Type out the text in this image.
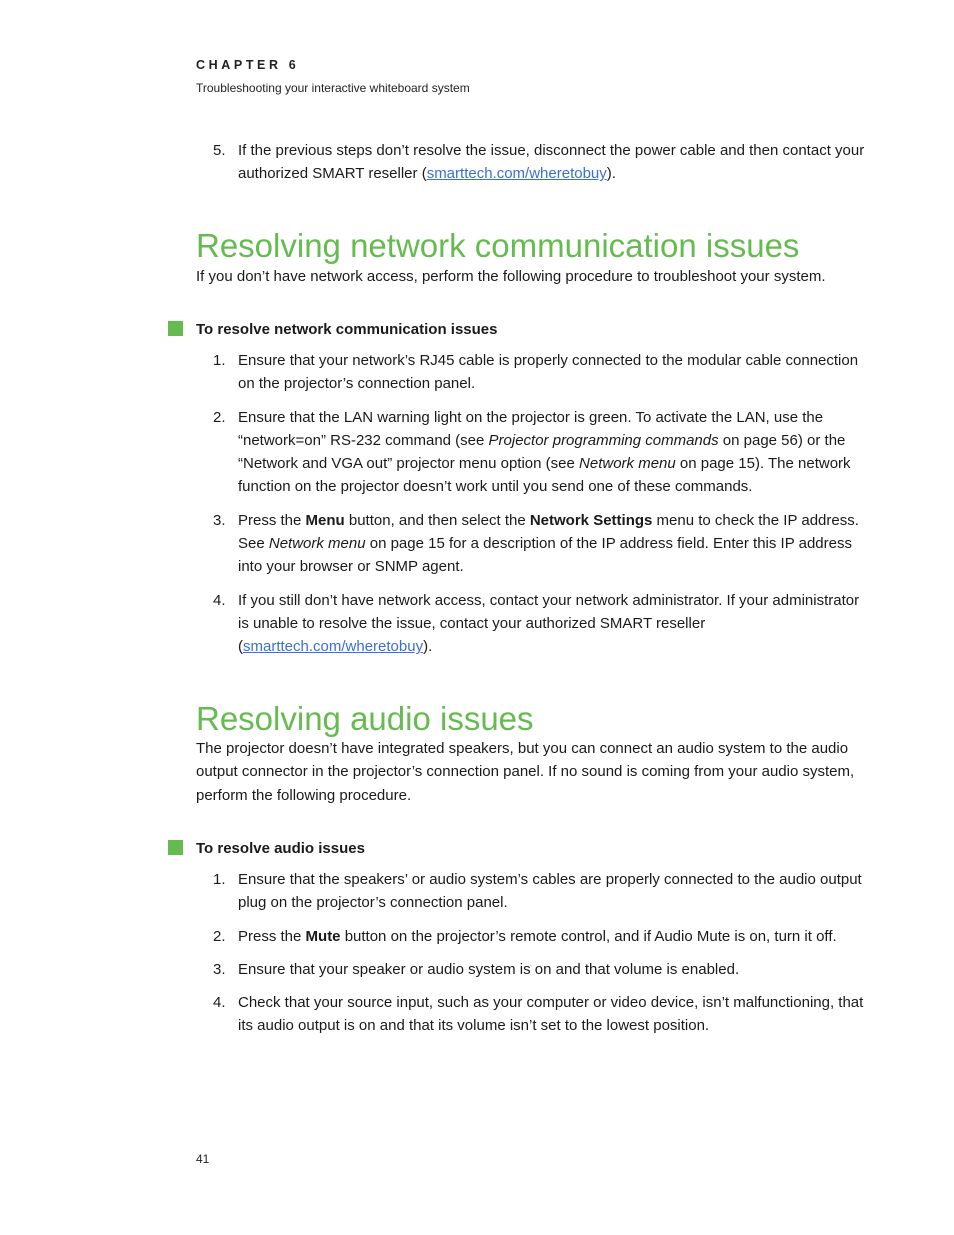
CHAPTER 6
Troubleshooting your interactive whiteboard system
5. If the previous steps don’t resolve the issue, disconnect the power cable and then contact your authorized SMART reseller (smarttech.com/wheretobuy).
Resolving network communication issues

If you don’t have network access, perform the following procedure to troubleshoot your system.

To resolve network communication issues
1. Ensure that your network’s RJ45 cable is properly connected to the modular cable connection on the projector’s connection panel.
2. Ensure that the LAN warning light on the projector is green. To activate the LAN, use the “network=on” RS-232 command (see Projector programming commands on page 56) or the “Network and VGA out” projector menu option (see Network menu on page 15). The network function on the projector doesn’t work until you send one of these commands.
3. Press the Menu button, and then select the Network Settings menu to check the IP address. See Network menu on page 15 for a description of the IP address field. Enter this IP address into your browser or SNMP agent.
4. If you still don’t have network access, contact your network administrator. If your administrator is unable to resolve the issue, contact your authorized SMART reseller (smarttech.com/wheretobuy).
Resolving audio issues

The projector doesn’t have integrated speakers, but you can connect an audio system to the audio output connector in the projector’s connection panel. If no sound is coming from your audio system, perform the following procedure.

To resolve audio issues
1. Ensure that the speakers’ or audio system’s cables are properly connected to the audio output plug on the projector’s connection panel.
2. Press the Mute button on the projector’s remote control, and if Audio Mute is on, turn it off.
3. Ensure that your speaker or audio system is on and that volume is enabled.
4. Check that your source input, such as your computer or video device, isn’t malfunctioning, that its audio output is on and that its volume isn’t set to the lowest position.
41
